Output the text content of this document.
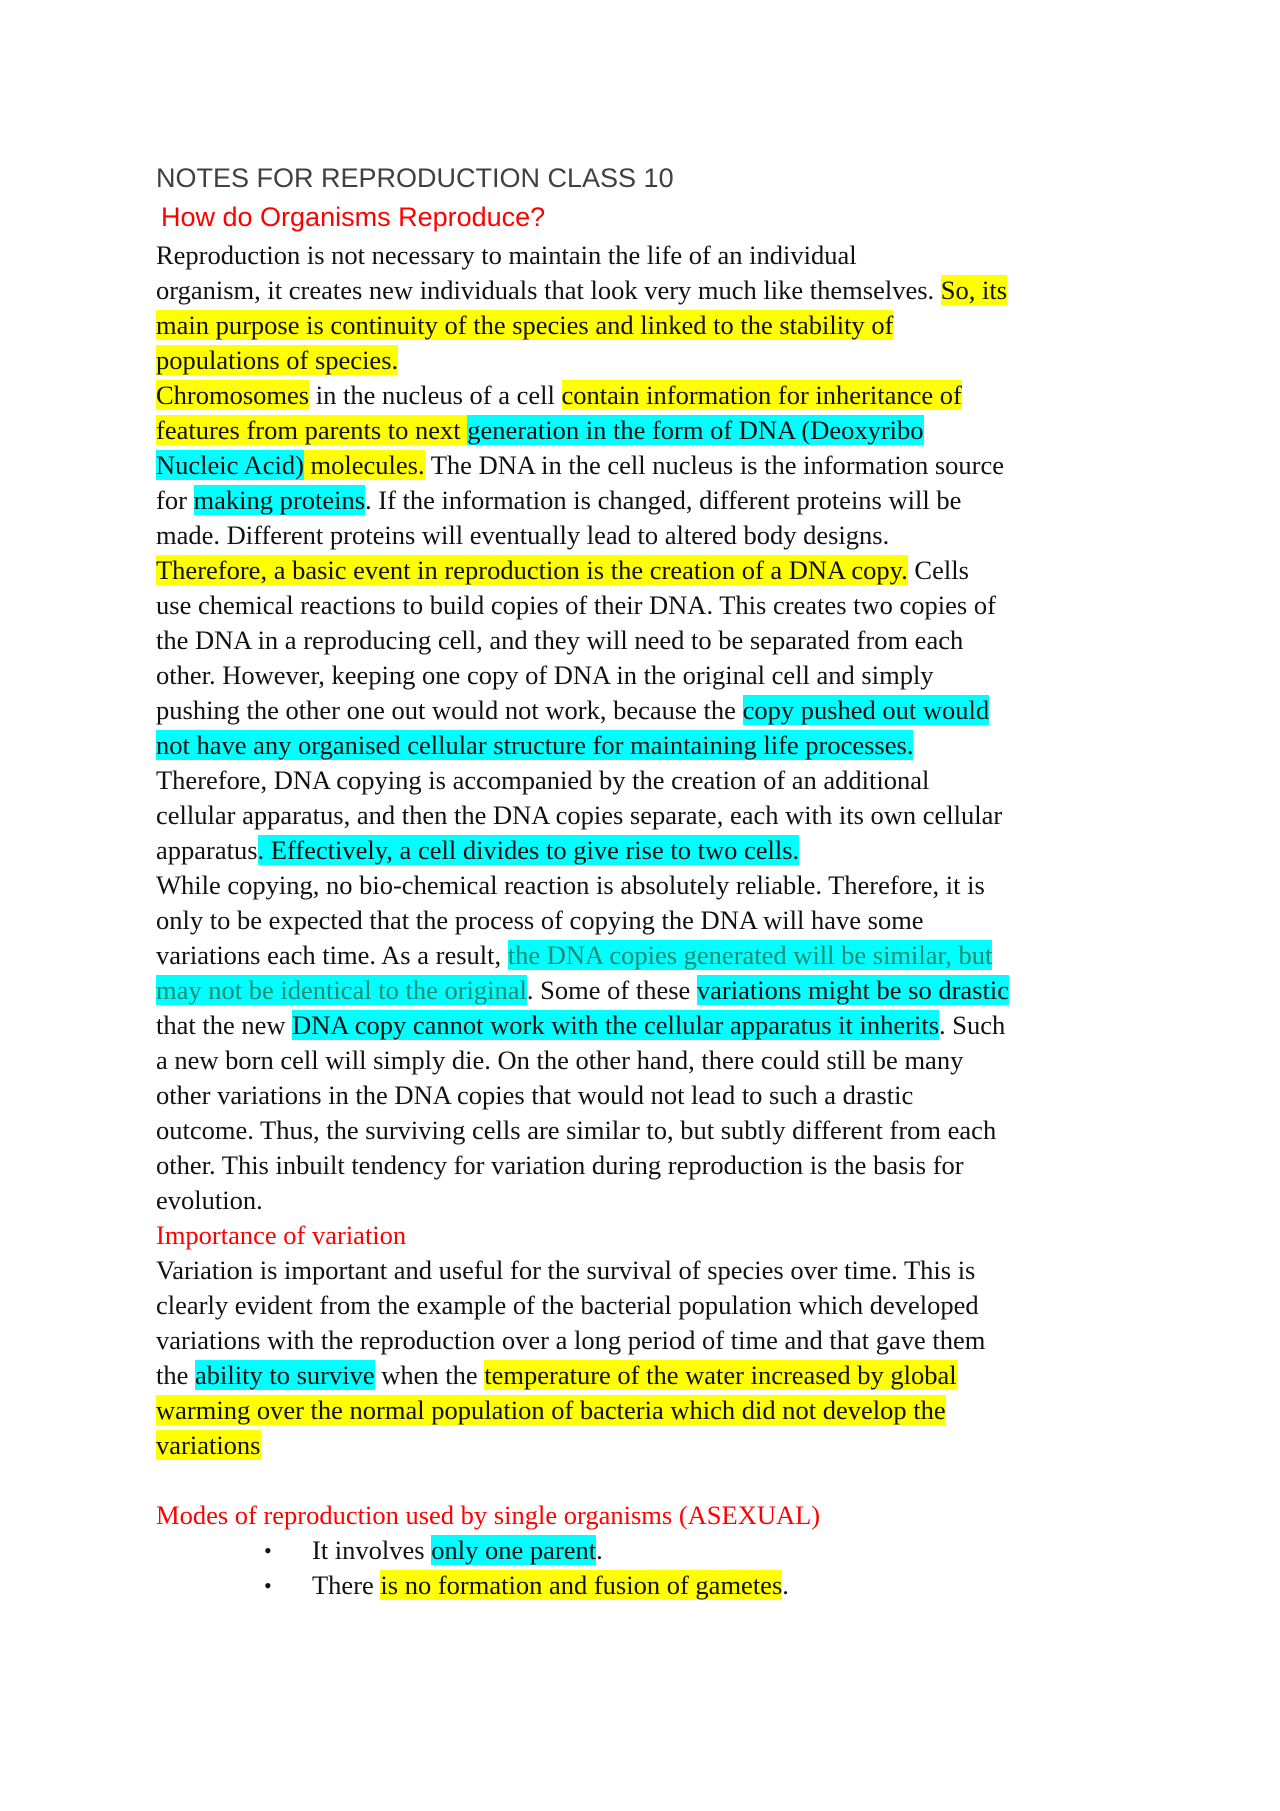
NOTES FOR REPRODUCTION CLASS 10
How do Organisms Reproduce?
Reproduction is not necessary to maintain the life of an individual
organism, it creates new individuals that look very much like themselves. So, its
main purpose is continuity of the species and linked to the stability of
populations of species.
Chromosomes in the nucleus of a cell contain information for inheritance of
features from parents to next generation in the form of DNA (Deoxyribo
Nucleic Acid) molecules. The DNA in the cell nucleus is the information source
for making proteins. If the information is changed, different proteins will be
made. Different proteins will eventually lead to altered body designs.
Therefore, a basic event in reproduction is the creation of a DNA copy. Cells
use chemical reactions to build copies of their DNA. This creates two copies of
the DNA in a reproducing cell, and they will need to be separated from each
other. However, keeping one copy of DNA in the original cell and simply
pushing the other one out would not work, because the copy pushed out would
not have any organised cellular structure for maintaining life processes.
Therefore, DNA copying is accompanied by the creation of an additional
cellular apparatus, and then the DNA copies separate, each with its own cellular
apparatus. Effectively, a cell divides to give rise to two cells.
While copying, no bio-chemical reaction is absolutely reliable. Therefore, it is
only to be expected that the process of copying the DNA will have some
variations each time. As a result, the DNA copies generated will be similar, but
may not be identical to the original. Some of these variations might be so drastic
that the new DNA copy cannot work with the cellular apparatus it inherits. Such
a new born cell will simply die. On the other hand, there could still be many
other variations in the DNA copies that would not lead to such a drastic
outcome. Thus, the surviving cells are similar to, but subtly different from each
other. This inbuilt tendency for variation during reproduction is the basis for
evolution.
Importance of variation
Variation is important and useful for the survival of species over time. This is
clearly evident from the example of the bacterial population which developed
variations with the reproduction over a long period of time and that gave them
the ability to survive when the temperature of the water increased by global
warming over the normal population of bacteria which did not develop the
variations
Modes of reproduction used by single organisms (ASEXUAL)
• It involves only one parent.
• There is no formation and fusion of gametes.
